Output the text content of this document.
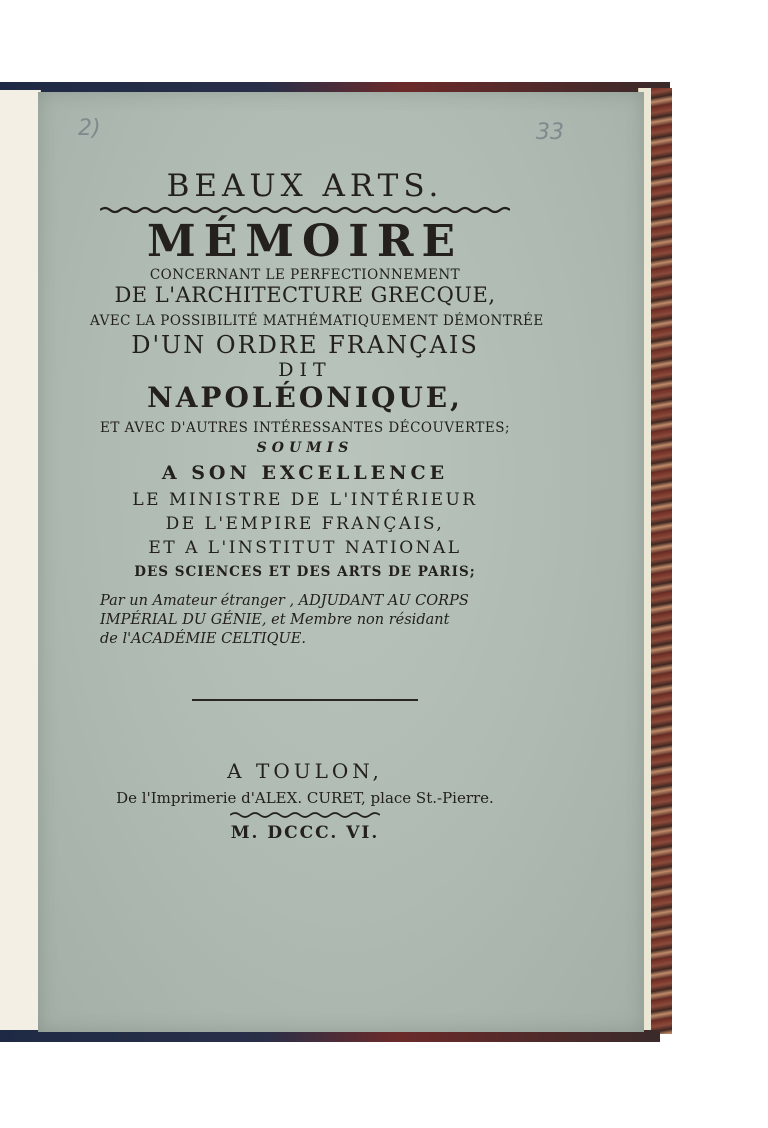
2)	33
BEAUX ARTS.
MÉMOIRE
CONCERNANT LE PERFECTIONNEMENT
DE L'ARCHITECTURE GRECQUE,
AVEC LA POSSIBILITÉ MATHÉMATIQUEMENT DÉMONTRÉE
D'UN ORDRE FRANÇAIS
DIT
NAPOLÉONIQUE,
ET AVEC D'AUTRES INTÉRESSANTES DÉCOUVERTES;
SOUMIS
A SON EXCELLENCE
LE MINISTRE DE L'INTÉRIEUR
DE L'EMPIRE FRANÇAIS,
ET A L'INSTITUT NATIONAL
DES SCIENCES ET DES ARTS DE PARIS;
Par un Amateur étranger , ADJUDANT AU CORPS
IMPÉRIAL DU GÉNIE, et Membre non résidant
de l'ACADÉMIE CELTIQUE.
A TOULON,
De l'Imprimerie d'ALEX. CURET, place St.-Pierre.
M. DCCC. VI.
